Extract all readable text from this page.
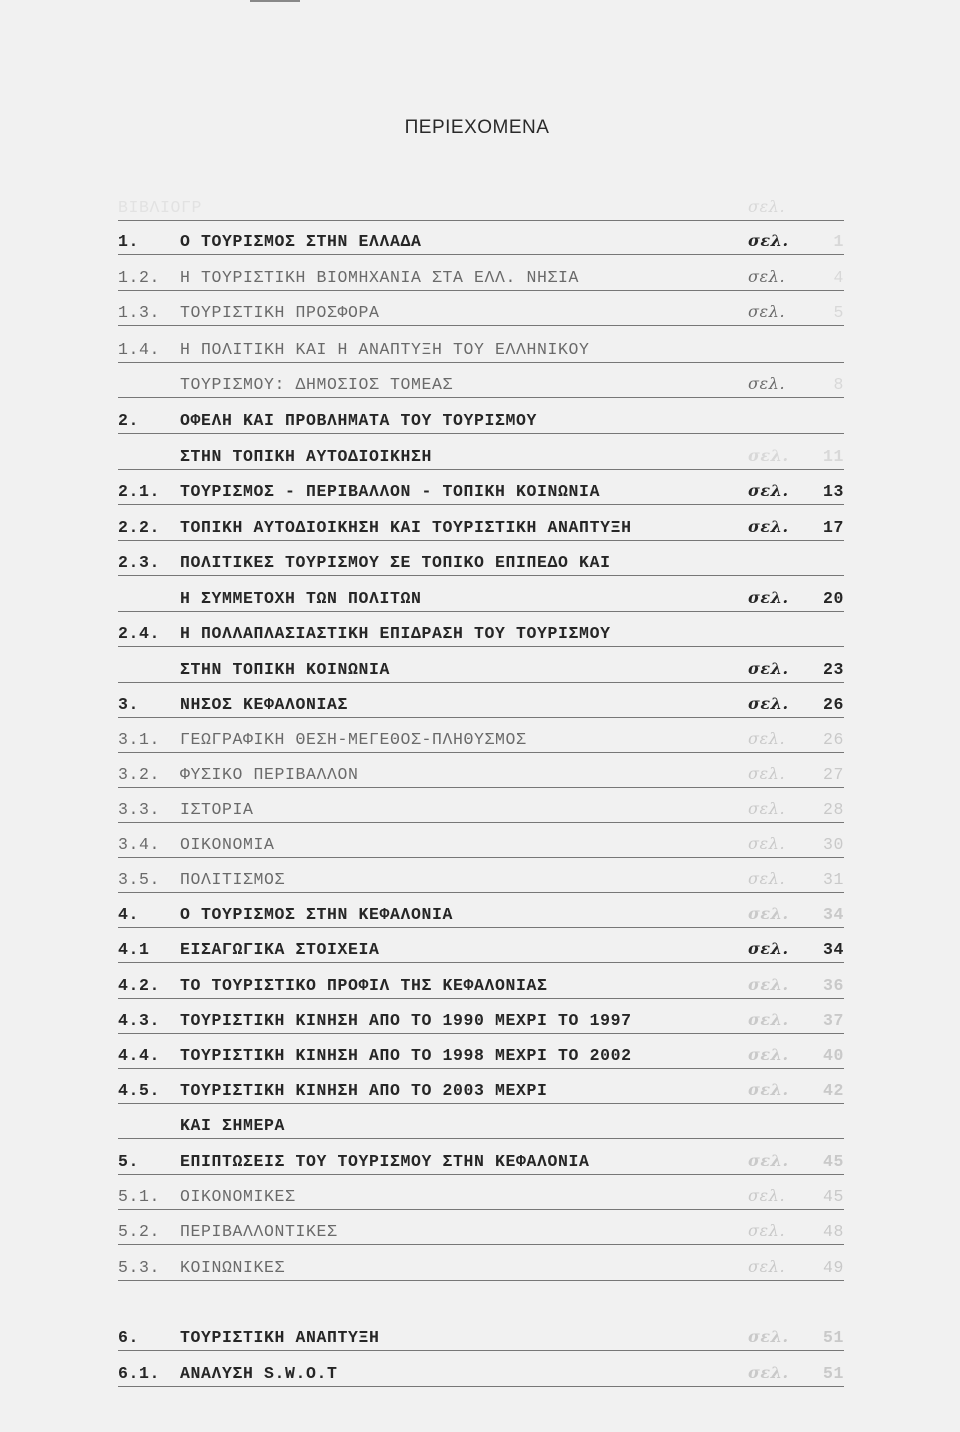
ΠΕΡΙΕΧΟΜΕΝΑ
ΒΙΒΛΙΟΓΡ	σελ.
1. Ο ΤΟΥΡΙΣΜΟΣ ΣΤΗΝ ΕΛΛΑΔΑ	σελ.	1
1.2. Η ΤΟΥΡΙΣΤΙΚΗ ΒΙΟΜΗΧΑΝΙΑ ΣΤΑ ΕΛΛ. ΝΗΣΙΑ	σελ.	4
1.3. ΤΟΥΡΙΣΤΙΚΗ ΠΡΟΣΦΟΡΑ	σελ.	5
1.4. Η ΠΟΛΙΤΙΚΗ ΚΑΙ Η ΑΝΑΠΤΥΞΗ ΤΟΥ ΕΛΛΗΝΙΚΟΥ
ΤΟΥΡΙΣΜΟΥ: ΔΗΜΟΣΙΟΣ ΤΟΜΕΑΣ	σελ.	8
2. ΟΦΕΛΗ ΚΑΙ ΠΡΟΒΛΗΜΑΤΑ ΤΟΥ ΤΟΥΡΙΣΜΟΥ
ΣΤΗΝ ΤΟΠΙΚΗ ΑΥΤΟΔΙΟΙΚΗΣΗ	σελ. 11
2.1. ΤΟΥΡΙΣΜΟΣ - ΠΕΡΙΒΑΛΛΟΝ - ΤΟΠΙΚΗ ΚΟΙΝΩΝΙΑ	σελ. 13
2.2. ΤΟΠΙΚΗ ΑΥΤΟΔΙΟΙΚΗΣΗ ΚΑΙ ΤΟΥΡΙΣΤΙΚΗ ΑΝΑΠΤΥΞΗ	σελ. 17
2.3. ΠΟΛΙΤΙΚΕΣ ΤΟΥΡΙΣΜΟΥ ΣΕ ΤΟΠΙΚΟ ΕΠΙΠΕΔΟ ΚΑΙ
Η ΣΥΜΜΕΤΟΧΗ ΤΩΝ ΠΟΛΙΤΩΝ	σελ. 20
2.4. Η ΠΟΛΛΑΠΛΑΣΙΑΣΤΙΚΗ ΕΠΙΔΡΑΣΗ ΤΟΥ ΤΟΥΡΙΣΜΟΥ
ΣΤΗΝ ΤΟΠΙΚΗ ΚΟΙΝΩΝΙΑ	σελ. 23
3. ΝΗΣΟΣ ΚΕΦΑΛΟΝΙΑΣ	σελ. 26
3.1. ΓΕΩΓΡΑΦΙΚΗ ΘΕΣΗ-ΜΕΓΕΘΟΣ-ΠΛΗΘΥΣΜΟΣ	σελ. 26
3.2. ΦΥΣΙΚΟ ΠΕΡΙΒΑΛΛΟΝ	σελ. 27
3.3. ΙΣΤΟΡΙΑ	σελ. 28
3.4. ΟΙΚΟΝΟΜΙΑ	σελ. 30
3.5. ΠΟΛΙΤΙΣΜΟΣ	σελ. 31
4. Ο ΤΟΥΡΙΣΜΟΣ ΣΤΗΝ ΚΕΦΑΛΟΝΙΑ	σελ. 34
4.1 ΕΙΣΑΓΩΓΙΚΑ ΣΤΟΙΧΕΙΑ	σελ. 34
4.2. ΤΟ ΤΟΥΡΙΣΤΙΚΟ ΠΡΟΦΙΛ ΤΗΣ ΚΕΦΑΛΟΝΙΑΣ	σελ. 36
4.3. ΤΟΥΡΙΣΤΙΚΗ ΚΙΝΗΣΗ ΑΠΟ ΤΟ 1990 ΜΕΧΡΙ ΤΟ 1997	σελ. 37
4.4. ΤΟΥΡΙΣΤΙΚΗ ΚΙΝΗΣΗ ΑΠΟ ΤΟ 1998 ΜΕΧΡΙ ΤΟ 2002	σελ. 40
4.5. ΤΟΥΡΙΣΤΙΚΗ ΚΙΝΗΣΗ ΑΠΟ ΤΟ 2003 ΜΕΧΡΙ	σελ. 42
ΚΑΙ ΣΗΜΕΡΑ
5. ΕΠΙΠΤΩΣΕΙΣ ΤΟΥ ΤΟΥΡΙΣΜΟΥ ΣΤΗΝ ΚΕΦΑΛΟΝΙΑ	σελ. 45
5.1. ΟΙΚΟΝΟΜΙΚΕΣ	σελ. 45
5.2. ΠΕΡΙΒΑΛΛΟΝΤΙΚΕΣ	σελ. 48
5.3. ΚΟΙΝΩΝΙΚΕΣ	σελ. 49
6. ΤΟΥΡΙΣΤΙΚΗ ΑΝΑΠΤΥΞΗ	σελ. 51
6.1. ΑΝΑΛΥΣΗ S.W.O.T	σελ. 51
